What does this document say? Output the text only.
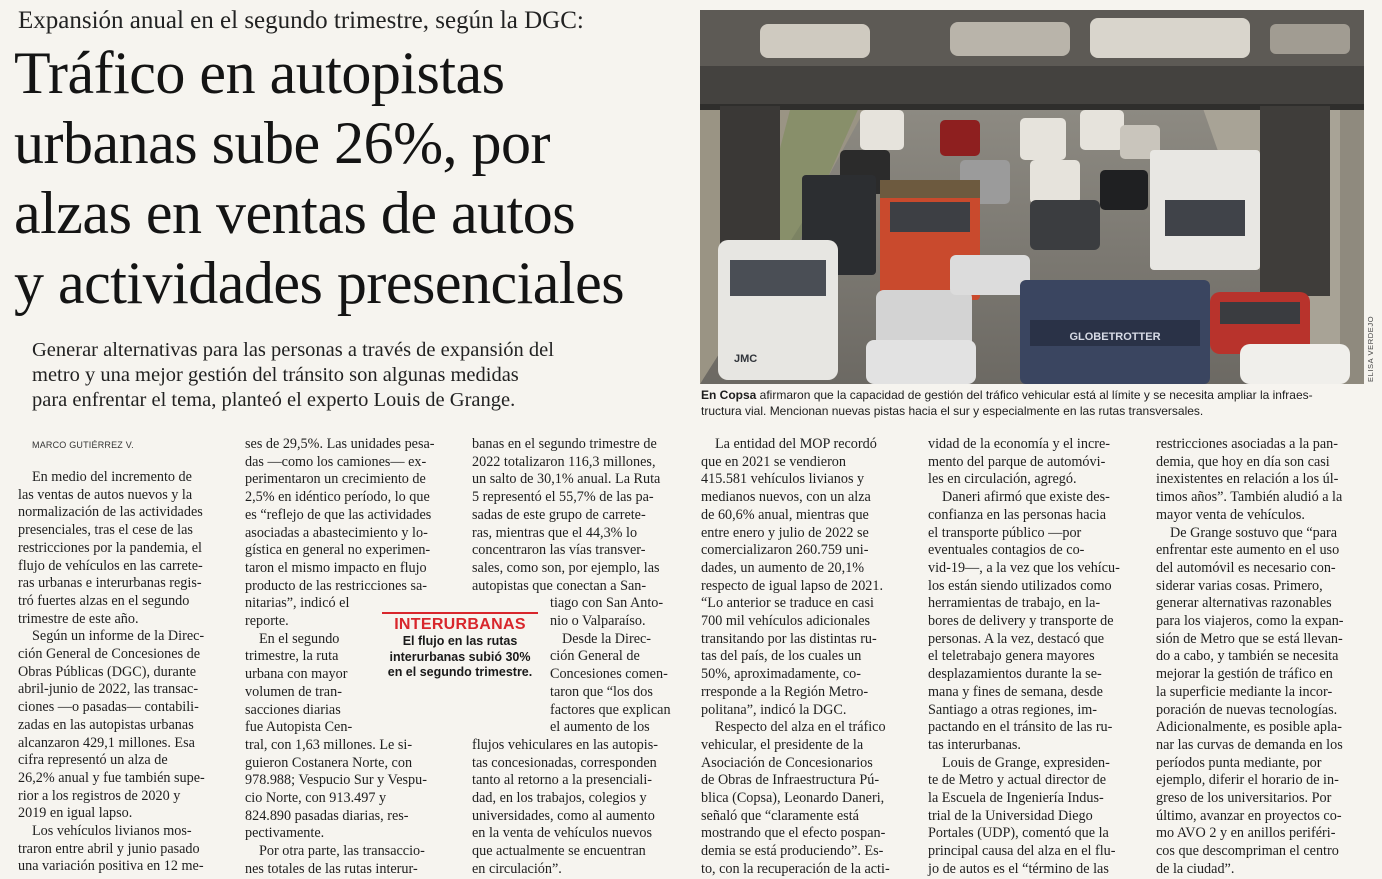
Expansión anual en el segundo trimestre, según la DGC:
Tráfico en autopistas
urbanas sube 26%, por
alzas en ventas de autos
y actividades presenciales
Generar alternativas para las personas a través de expansión del
metro y una mejor gestión del tránsito son algunas medidas
para enfrentar el tema, planteó el experto Louis de Grange.
JMC
GLOBETROTTER	ELISA VERDEJO
En Copsa afirmaron que la capacidad de gestión del tráfico vehicular está al límite y se necesita ampliar la infraes-
tructura vial. Mencionan nuevas pistas hacia el sur y especialmente en las rutas transversales.
MARCO GUTIÉRREZ V.
En medio del incremento de
las ventas de autos nuevos y la
normalización de las actividades
presenciales, tras el cese de las
restricciones por la pandemia, el
flujo de vehículos en las carrete-
ras urbanas e interurbanas regis-
tró fuertes alzas en el segundo
trimestre de este año.
Según un informe de la Direc-
ción General de Concesiones de
Obras Públicas (DGC), durante
abril-junio de 2022, las transac-
ciones —o pasadas— contabili-
zadas en las autopistas urbanas
alcanzaron 429,1 millones. Esa
cifra representó un alza de
26,2% anual y fue también supe-
rior a los registros de 2020 y
2019 en igual lapso.
Los vehículos livianos mos-
traron entre abril y junio pasado
una variación positiva en 12 me-
ses de 29,5%. Las unidades pesa-
das —como los camiones— ex-
perimentaron un crecimiento de
2,5% en idéntico período, lo que
es “reflejo de que las actividades
asociadas a abastecimiento y lo-
gística en general no experimen-
taron el mismo impacto en flujo
producto de las restricciones sa-
nitarias”, indicó el
reporte.
En el segundo
trimestre, la ruta
urbana con mayor
volumen de tran-
sacciones diarias
fue Autopista Cen-
tral, con 1,63 millones. Le si-
guieron Costanera Norte, con
978.988; Vespucio Sur y Vespu-
cio Norte, con 913.497 y
824.890 pasadas diarias, res-
pectivamente.
Por otra parte, las transaccio-
nes totales de las rutas interur-
banas en el segundo trimestre de
2022 totalizaron 116,3 millones,
un salto de 30,1% anual. La Ruta
5 representó el 55,7% de las pa-
sadas de este grupo de carrete-
ras, mientras que el 44,3% lo
concentraron las vías transver-
sales, como son, por ejemplo, las
autopistas que conectan a San-
tiago con San Anto-
nio o Valparaíso.
Desde la Direc-
ción General de
Concesiones comen-
taron que “los dos
factores que explican
el aumento de los
flujos vehiculares en las autopis-
tas concesionadas, corresponden
tanto al retorno a la presenciali-
dad, en los trabajos, colegios y
universidades, como al aumento
en la venta de vehículos nuevos
que actualmente se encuentran
en circulación”.
La entidad del MOP recordó
que en 2021 se vendieron
415.581 vehículos livianos y
medianos nuevos, con un alza
de 60,6% anual, mientras que
entre enero y julio de 2022 se
comercializaron 260.759 uni-
dades, un aumento de 20,1%
respecto de igual lapso de 2021.
“Lo anterior se traduce en casi
700 mil vehículos adicionales
transitando por las distintas ru-
tas del país, de los cuales un
50%, aproximadamente, co-
rresponde a la Región Metro-
politana”, indicó la DGC.
Respecto del alza en el tráfico
vehicular, el presidente de la
Asociación de Concesionarios
de Obras de Infraestructura Pú-
blica (Copsa), Leonardo Daneri,
señaló que “claramente está
mostrando que el efecto pospan-
demia se está produciendo”. Es-
to, con la recuperación de la acti-
vidad de la economía y el incre-
mento del parque de automóvi-
les en circulación, agregó.
Daneri afirmó que existe des-
confianza en las personas hacia
el transporte público —por
eventuales contagios de co-
vid-19—, a la vez que los vehícu-
los están siendo utilizados como
herramientas de trabajo, en la-
bores de delivery y transporte de
personas. A la vez, destacó que
el teletrabajo genera mayores
desplazamientos durante la se-
mana y fines de semana, desde
Santiago a otras regiones, im-
pactando en el tránsito de las ru-
tas interurbanas.
Louis de Grange, expresiden-
te de Metro y actual director de
la Escuela de Ingeniería Indus-
trial de la Universidad Diego
Portales (UDP), comentó que la
principal causa del alza en el flu-
jo de autos es el “término de las
restricciones asociadas a la pan-
demia, que hoy en día son casi
inexistentes en relación a los úl-
timos años”. También aludió a la
mayor venta de vehículos.
De Grange sostuvo que “para
enfrentar este aumento en el uso
del automóvil es necesario con-
siderar varias cosas. Primero,
generar alternativas razonables
para los viajeros, como la expan-
sión de Metro que se está llevan-
do a cabo, y también se necesita
mejorar la gestión de tráfico en
la superficie mediante la incor-
poración de nuevas tecnologías.
Adicionalmente, es posible apla-
nar las curvas de demanda en los
períodos punta mediante, por
ejemplo, diferir el horario de in-
greso de los universitarios. Por
último, avanzar en proyectos co-
mo AVO 2 y en anillos periféri-
cos que descompriman el centro
de la ciudad”.
INTERURBANAS
El flujo en las rutas
interurbanas subió 30%
en el segundo trimestre.
